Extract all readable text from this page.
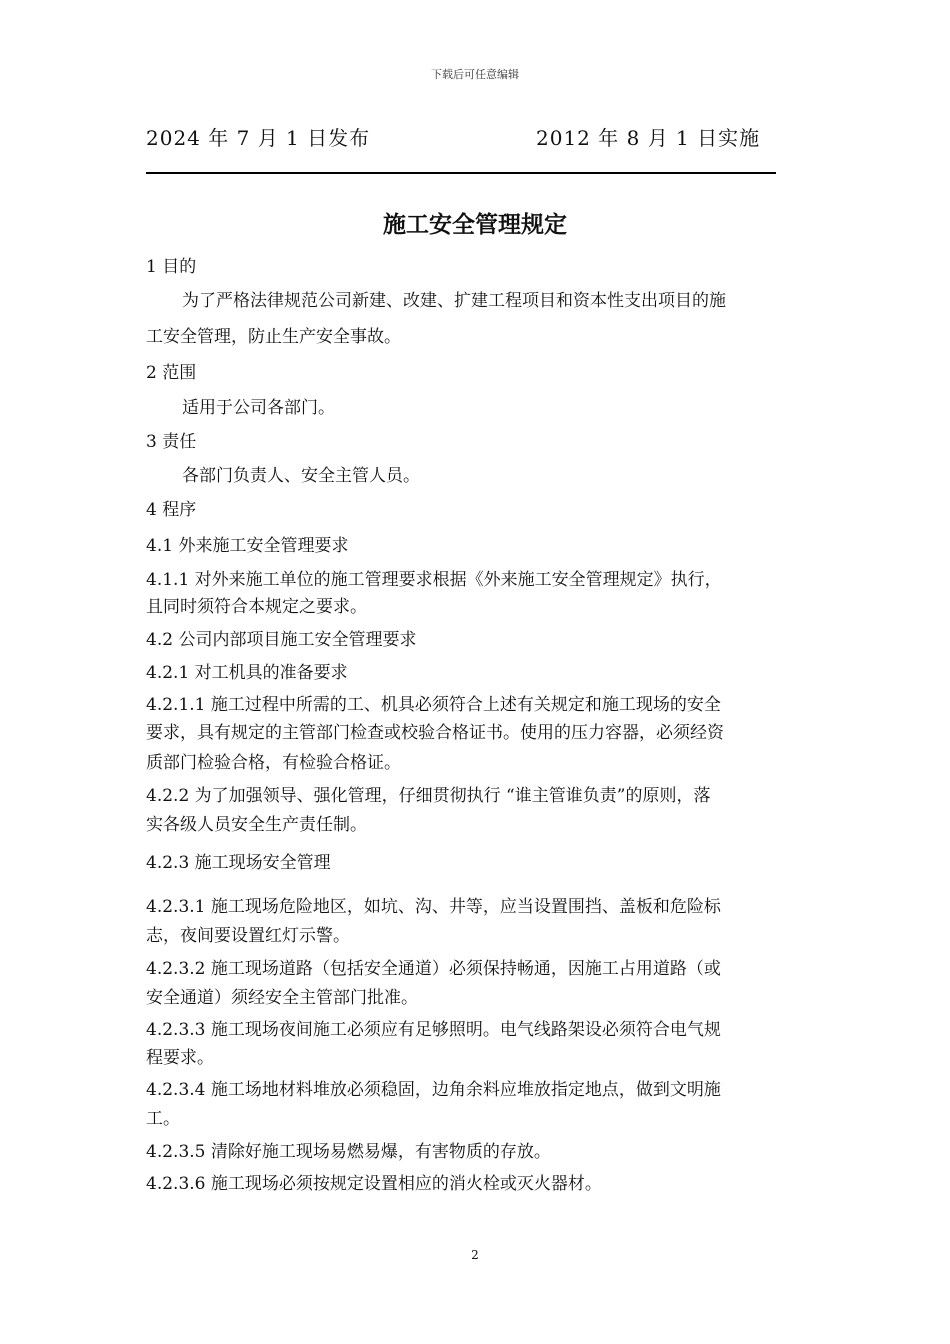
下载后可任意编辑
2024 年 7 月 1 日发布	2012 年 8 月 1 日实施
施工安全管理规定
1 目的
为了严格法律规范公司新建、改建、扩建工程项目和资本性支出项目的施
工安全管理，防止生产安全事故。
2 范围
适用于公司各部门。
3 责任
各部门负责人、安全主管人员。
4 程序
4.1 外来施工安全管理要求
4.1.1 对外来施工单位的施工管理要求根据《外来施工安全管理规定》执行，
且同时须符合本规定之要求。
4.2 公司内部项目施工安全管理要求
4.2.1 对工机具的准备要求
4.2.1.1 施工过程中所需的工、机具必须符合上述有关规定和施工现场的安全
要求，具有规定的主管部门检查或校验合格证书。使用的压力容器，必须经资
质部门检验合格，有检验合格证。
4.2.2 为了加强领导、强化管理，仔细贯彻执行 “谁主管谁负责”的原则，落
实各级人员安全生产责任制。
4.2.3 施工现场安全管理
4.2.3.1 施工现场危险地区，如坑、沟、井等，应当设置围挡、盖板和危险标
志，夜间要设置红灯示警。
4.2.3.2 施工现场道路（包括安全通道）必须保持畅通，因施工占用道路（或
安全通道）须经安全主管部门批准。
4.2.3.3 施工现场夜间施工必须应有足够照明。电气线路架设必须符合电气规
程要求。
4.2.3.4 施工场地材料堆放必须稳固，边角余料应堆放指定地点，做到文明施
工。
4.2.3.5 清除好施工现场易燃易爆，有害物质的存放。
4.2.3.6 施工现场必须按规定设置相应的消火栓或灭火器材。
2
